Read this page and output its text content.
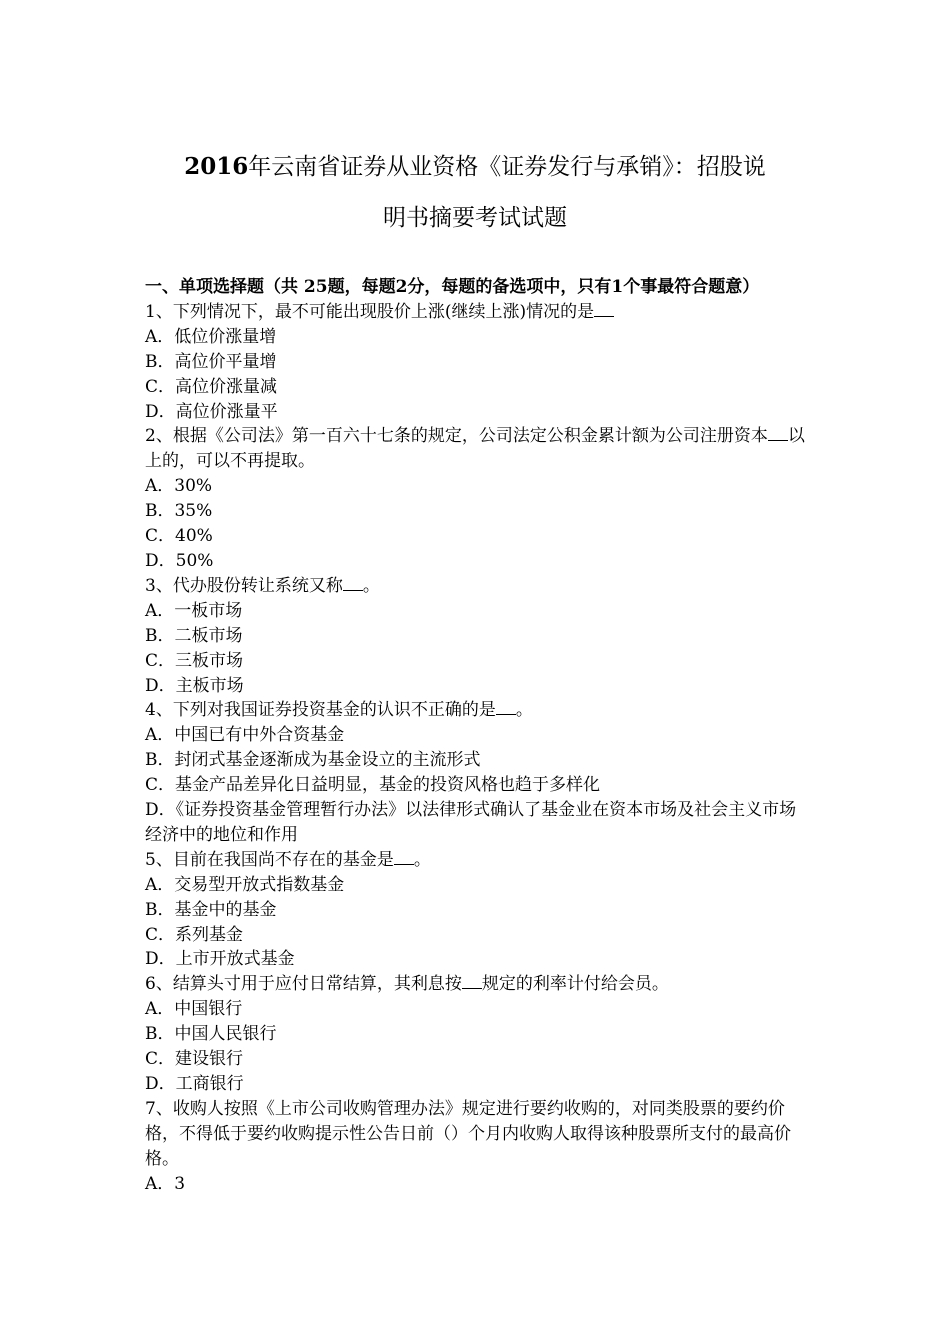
2016年云南省证券从业资格《证券发行与承销》：招股说
明书摘要考试试题

一、单项选择题（共 25题，每题2分，每题的备选项中，只有1个事最符合题意）

1、下列情况下，最不可能出现股价上涨(继续上涨)情况的是

A．低位价涨量增

B．高位价平量增

C．高位价涨量减

D．高位价涨量平

2、根据《公司法》第一百六十七条的规定，公司法定公积金累计额为公司注册资本 以上的，可以不再提取。

A．30%

B．35%

C．40%

D．50%

3、代办股份转让系统又称 。

A．一板市场

B．二板市场

C．三板市场

D．主板市场

4、下列对我国证券投资基金的认识不正确的是 。

A．中国已有中外合资基金

B．封闭式基金逐渐成为基金设立的主流形式

C．基金产品差异化日益明显，基金的投资风格也趋于多样化

D．《证券投资基金管理暂行办法》以法律形式确认了基金业在资本市场及社会主义市场经济中的地位和作用

5、目前在我国尚不存在的基金是 。

A．交易型开放式指数基金

B．基金中的基金

C．系列基金

D．上市开放式基金

6、结算头寸用于应付日常结算，其利息按 规定的利率计付给会员。

A．中国银行

B．中国人民银行

C．建设银行

D．工商银行

7、收购人按照《上市公司收购管理办法》规定进行要约收购的，对同类股票的要约价格，不得低于要约收购提示性公告日前（）个月内收购人取得该种股票所支付的最高价格。

A．3
